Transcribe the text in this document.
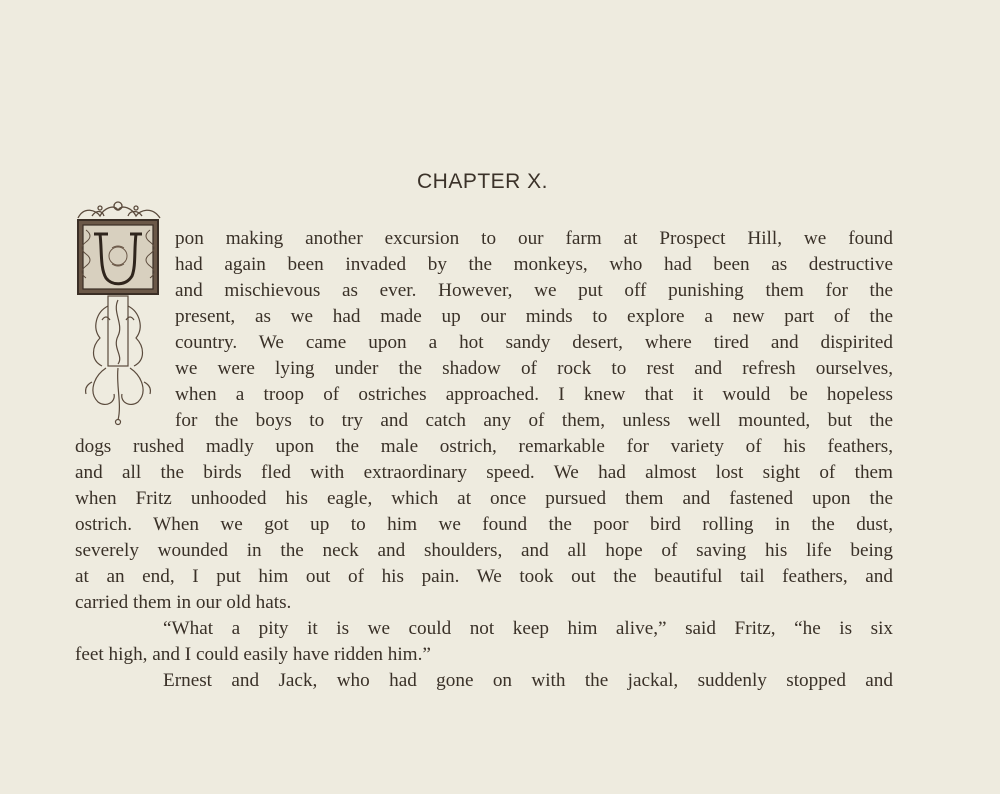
CHAPTER X.
pon making another excursion to our farm at Prospect Hill, we found
had again been invaded by the monkeys, who had been as destructive
and mischievous as ever. However, we put off punishing them for the
present, as we had made up our minds to explore a new part of the
country. We came upon a hot sandy desert, where tired and dispirited
we were lying under the shadow of rock to rest and refresh ourselves,
when a troop of ostriches approached. I knew that it would be hopeless
for the boys to try and catch any of them, unless well mounted, but the
dogs rushed madly upon the male ostrich, remarkable for variety of his feathers,
and all the birds fled with extraordinary speed. We had almost lost sight of them
when Fritz unhooded his eagle, which at once pursued them and fastened upon the
ostrich. When we got up to him we found the poor bird rolling in the dust,
severely wounded in the neck and shoulders, and all hope of saving his life being
at an end, I put him out of his pain. We took out the beautiful tail feathers, and
carried them in our old hats.
“What a pity it is we could not keep him alive,” said Fritz, “he is six
feet high, and I could easily have ridden him.”
Ernest and Jack, who had gone on with the jackal, suddenly stopped and
